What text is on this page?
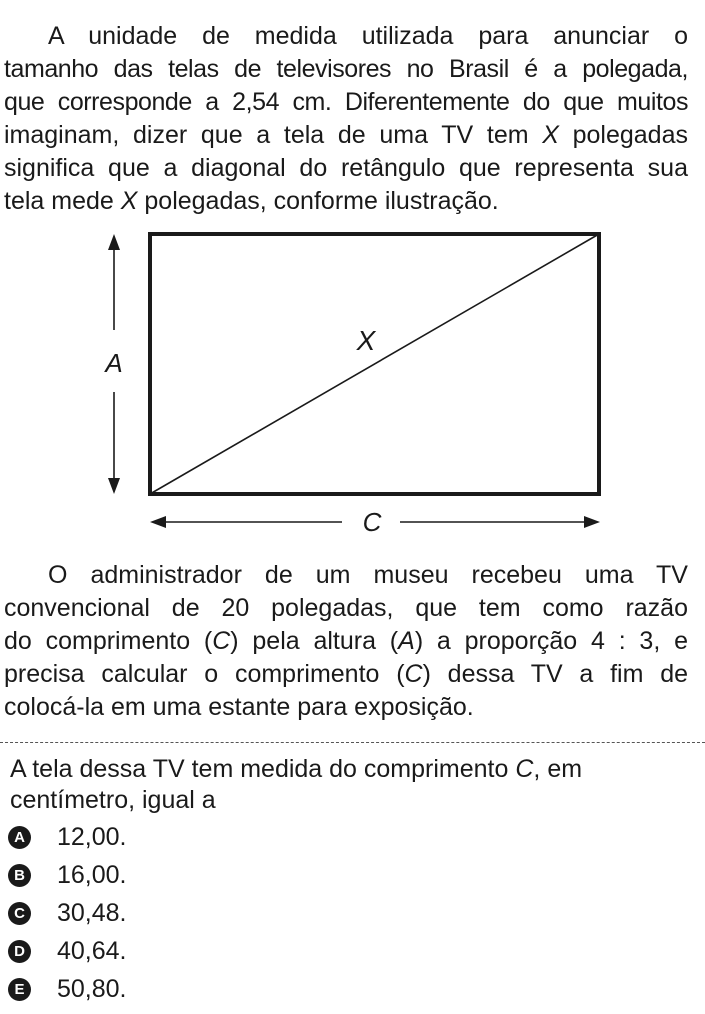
A unidade de medida utilizada para anunciar o
tamanho das telas de televisores no Brasil é a polegada,
que corresponde a 2,54 cm. Diferentemente do que muitos
imaginam, dizer que a tela de uma TV tem X polegadas
significa que a diagonal do retângulo que representa sua
tela mede X polegadas, conforme ilustração.
A
C
X
O administrador de um museu recebeu uma TV
convencional de 20 polegadas, que tem como razão
do comprimento (C) pela altura (A) a proporção 4 : 3, e
precisa calcular o comprimento (C) dessa TV a fim de
colocá-la em uma estante para exposição.

A tela dessa TV tem medida do comprimento C, em centímetro, igual a

A 12,00.
B 16,00.
C 30,48.
D 40,64.
E 50,80.
